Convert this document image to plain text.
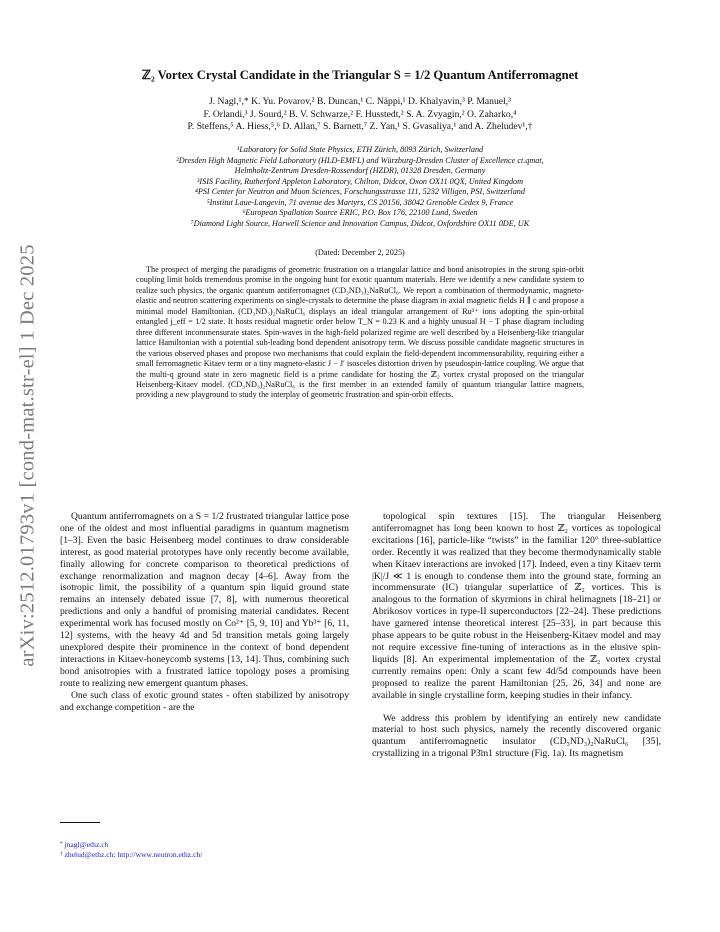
arXiv:2512.01793v1 [cond-mat.str-el] 1 Dec 2025
ℤ₂ Vortex Crystal Candidate in the Triangular S = 1/2 Quantum Antiferromagnet
J. Nagl,¹,* K. Yu. Povarov,² B. Duncan,¹ C. Näppi,¹ D. Khalyavin,³ P. Manuel,³
F. Orlandi,³ J. Sourd,² B. V. Schwarze,² F. Husstedt,² S. A. Zvyagin,² O. Zaharko,⁴
P. Steffens,⁵ A. Hiess,⁵,⁶ D. Allan,⁷ S. Barnett,⁷ Z. Yan,¹ S. Gvasaliya,¹ and A. Zheludev¹,†
¹Laboratory for Solid State Physics, ETH Zürich, 8093 Zürich, Switzerland
²Dresden High Magnetic Field Laboratory (HLD-EMFL) and Würzburg-Dresden Cluster of Excellence ct.qmat,
Helmholtz-Zentrum Dresden-Rossendorf (HZDR), 01328 Dresden, Germany
³ISIS Facility, Rutherford Appleton Laboratory, Chilton, Didcot, Oxon OX11 0QX, United Kingdom
⁴PSI Center for Neutron and Muon Sciences, Forschungsstrasse 111, 5232 Villigen, PSI, Switzerland
⁵Institut Laue-Langevin, 71 avenue des Martyrs, CS 20156, 38042 Grenoble Cedex 9, France
⁶European Spallation Source ERIC, P.O. Box 176, 22100 Lund, Sweden
⁷Diamond Light Source, Harwell Science and Innovation Campus, Didcot, Oxfordshire OX11 0DE, UK
(Dated: December 2, 2025)

The prospect of merging the paradigms of geometric frustration on a triangular lattice and bond anisotropies in the strong spin-orbit coupling limit holds tremendous promise in the ongoing hunt for exotic quantum materials. Here we identify a new candidate system to realize such physics, the organic quantum antiferromagnet (CD₃ND₃)₂NaRuCl₆. We report a combination of thermodynamic, magneto-elastic and neutron scattering experiments on single-crystals to determine the phase diagram in axial magnetic fields H ∥ c and propose a minimal model Hamiltonian. (CD₃ND₃)₂NaRuCl₆ displays an ideal triangular arrangement of Ru³⁺ ions adopting the spin-orbital entangled j_eff = 1/2 state. It hosts residual magnetic order below T_N = 0.23 K and a highly unusual H − T phase diagram including three different incommensurate states. Spin-waves in the high-field polarized regime are well described by a Heisenberg-like triangular lattice Hamiltonian with a potential sub-leading bond dependent anisotropy term. We discuss possible candidate magnetic structures in the various observed phases and propose two mechanisms that could explain the field-dependent incommensurability, requiring either a small ferromagnetic Kitaev term or a tiny magneto-elastic J − J′ isosceles distortion driven by pseudospin-lattice coupling. We argue that the multi-q ground state in zero magnetic field is a prime candidate for hosting the ℤ₂ vortex crystal proposed on the triangular Heisenberg-Kitaev model. (CD₃ND₃)₂NaRuCl₆ is the first member in an extended family of quantum triangular lattice magnets, providing a new playground to study the interplay of geometric frustration and spin-orbit effects.

Quantum antiferromagnets on a S = 1/2 frustrated triangular lattice pose one of the oldest and most influential paradigms in quantum magnetism [1–3]. Even the basic Heisenberg model continues to draw considerable interest, as good material prototypes have only recently become available, finally allowing for concrete comparison to theoretical predictions of exchange renormalization and magnon decay [4–6]. Away from the isotropic limit, the possibility of a quantum spin liquid ground state remains an intensely debated issue [7, 8], with numerous theoretical predictions and only a handful of promising material candidates. Recent experimental work has focused mostly on Co²⁺ [5, 9, 10] and Yb³⁺ [6, 11, 12] systems, with the heavy 4d and 5d transition metals going largely unexplored despite their prominence in the context of bond dependent interactions in Kitaev-honeycomb systems [13, 14]. Thus, combining such bond anisotropies with a frustrated lattice topology poses a promising route to realizing new emergent quantum phases.

One such class of exotic ground states - often stabilized by anisotropy and exchange competition - are the

topological spin textures [15]. The triangular Heisenberg antiferromagnet has long been known to host ℤ₂ vortices as topological excitations [16], particle-like “twists” in the familiar 120° three-sublattice order. Recently it was realized that they become thermodynamically stable when Kitaev interactions are invoked [17]. Indeed, even a tiny Kitaev term |K|/J ≪ 1 is enough to condense them into the ground state, forming an incommensurate (IC) triangular superlattice of ℤ₂ vortices. This is analogous to the formation of skyrmions in chiral helimagnets [18–21] or Abrikosov vortices in type-II superconductors [22–24]. These predictions have garnered intense theoretical interest [25–33], in part because this phase appears to be quite robust in the Heisenberg-Kitaev model and may not require excessive fine-tuning of interactions as in the elusive spin-liquids [8]. An experimental implementation of the ℤ₂ vortex crystal currently remains open: Only a scant few 4d/5d compounds have been proposed to realize the parent Hamiltonian [25, 26, 34] and none are available in single crystalline form, keeping studies in their infancy.

We address this problem by identifying an entirely new candidate material to host such physics, namely the recently discovered organic quantum antiferromagnetic insulator (CD₃ND₃)₂NaRuCl₆ [35], crystallizing in a trigonal P3̄m1 structure (Fig. 1a). Its magnetism

* jnagl@ethz.ch
† zhelud@ethz.ch; http://www.neutron.ethz.ch/
